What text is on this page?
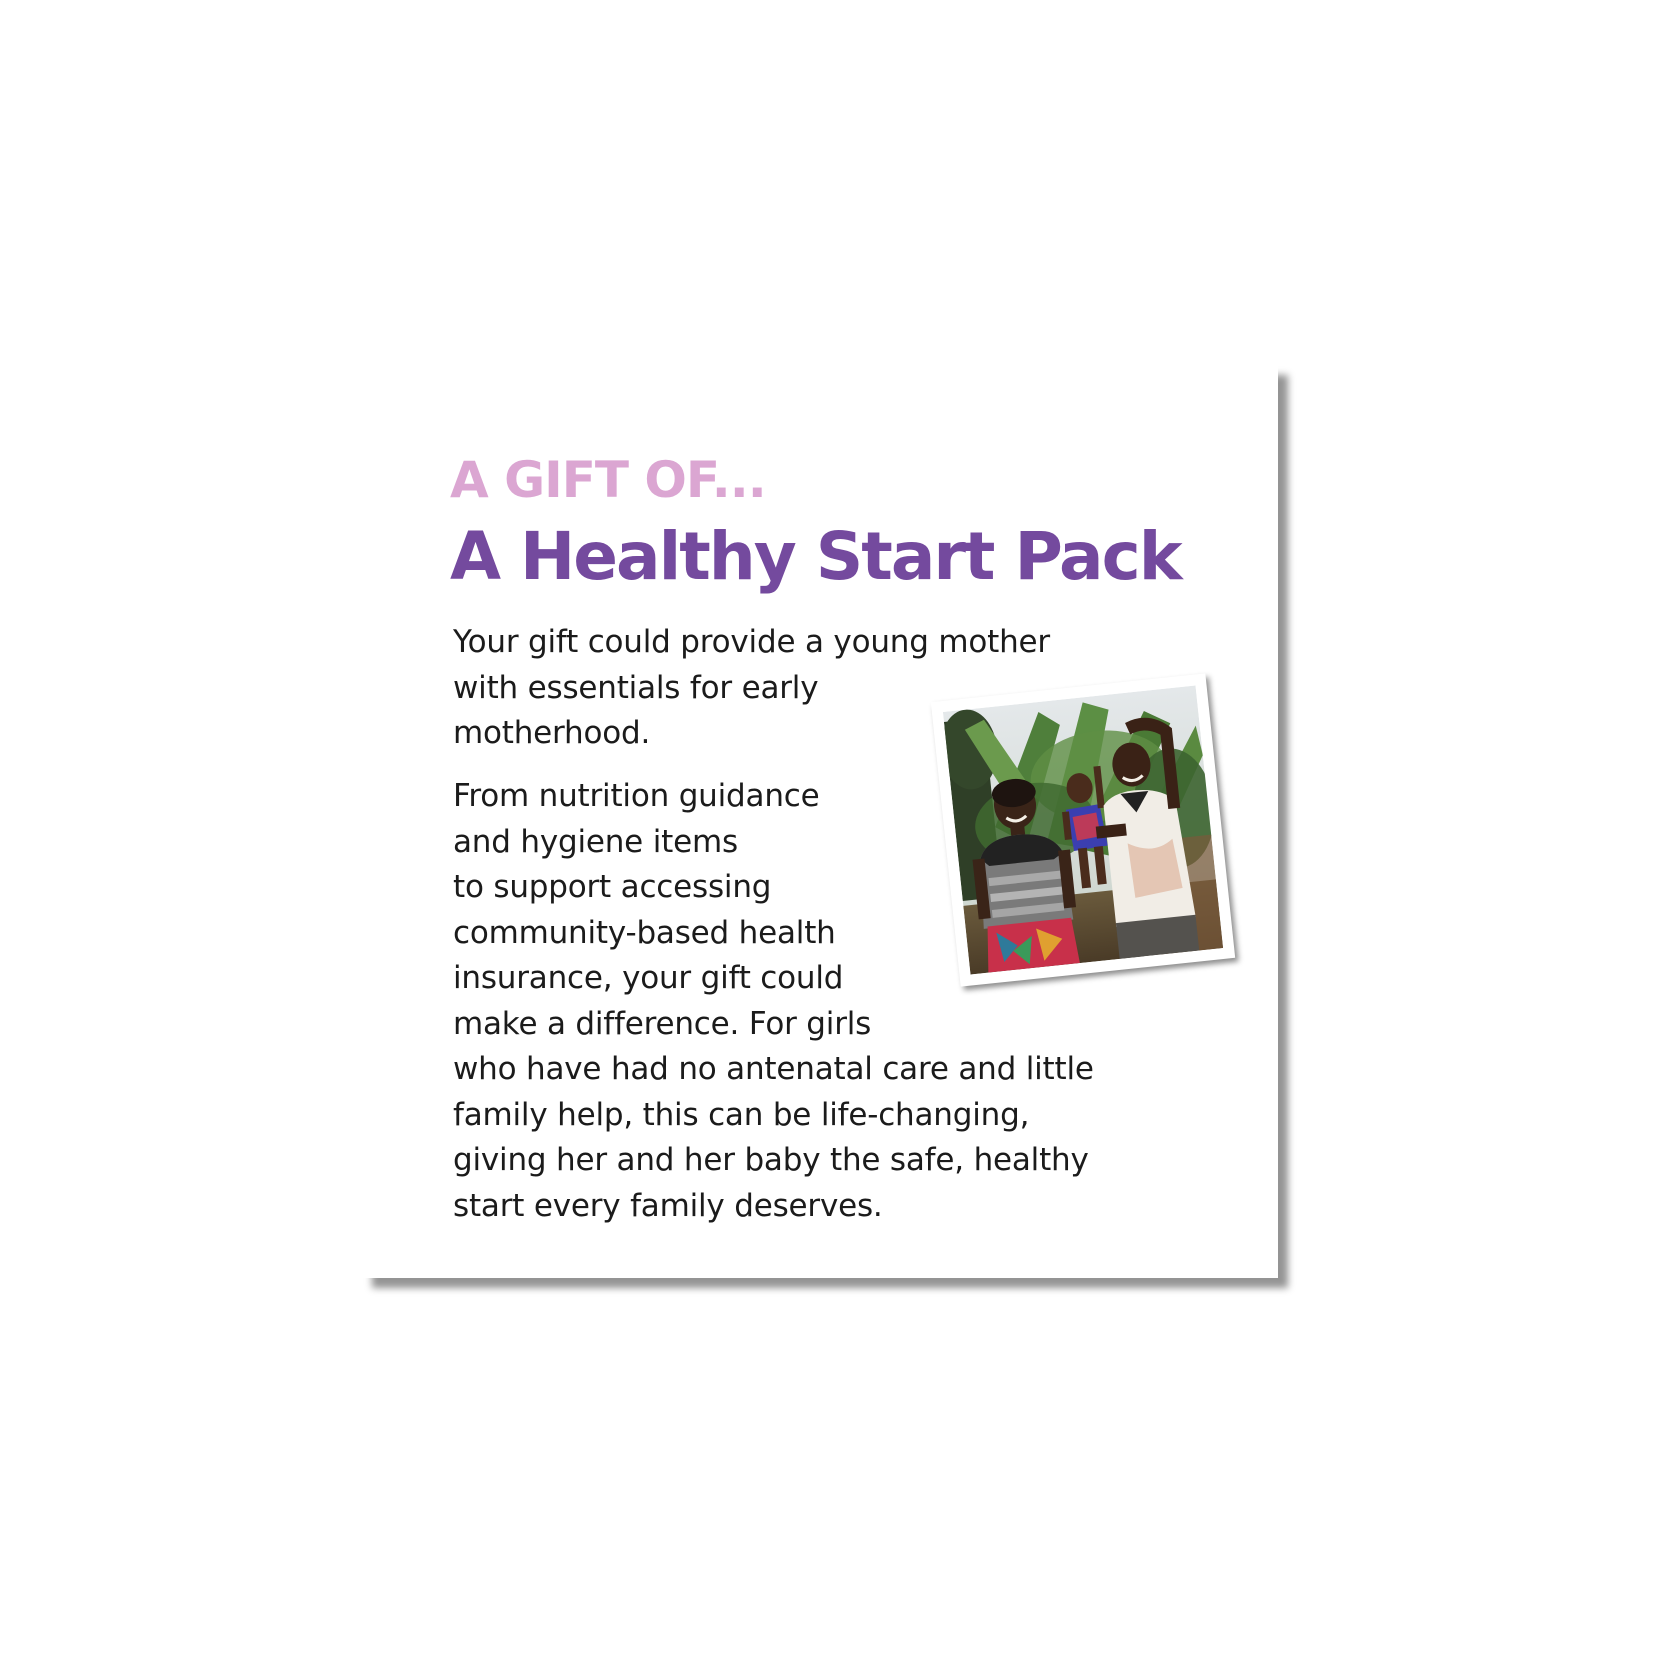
A GIFT OF...
A Healthy Start Pack

Your gift could provide a young mother
with essentials for early
motherhood.

From nutrition guidance
and hygiene items
to support accessing
community-based health
insurance, your gift could
make a difference. For girls
who have had no antenatal care and little
family help, this can be life-changing,
giving her and her baby the safe, healthy
start every family deserves.
